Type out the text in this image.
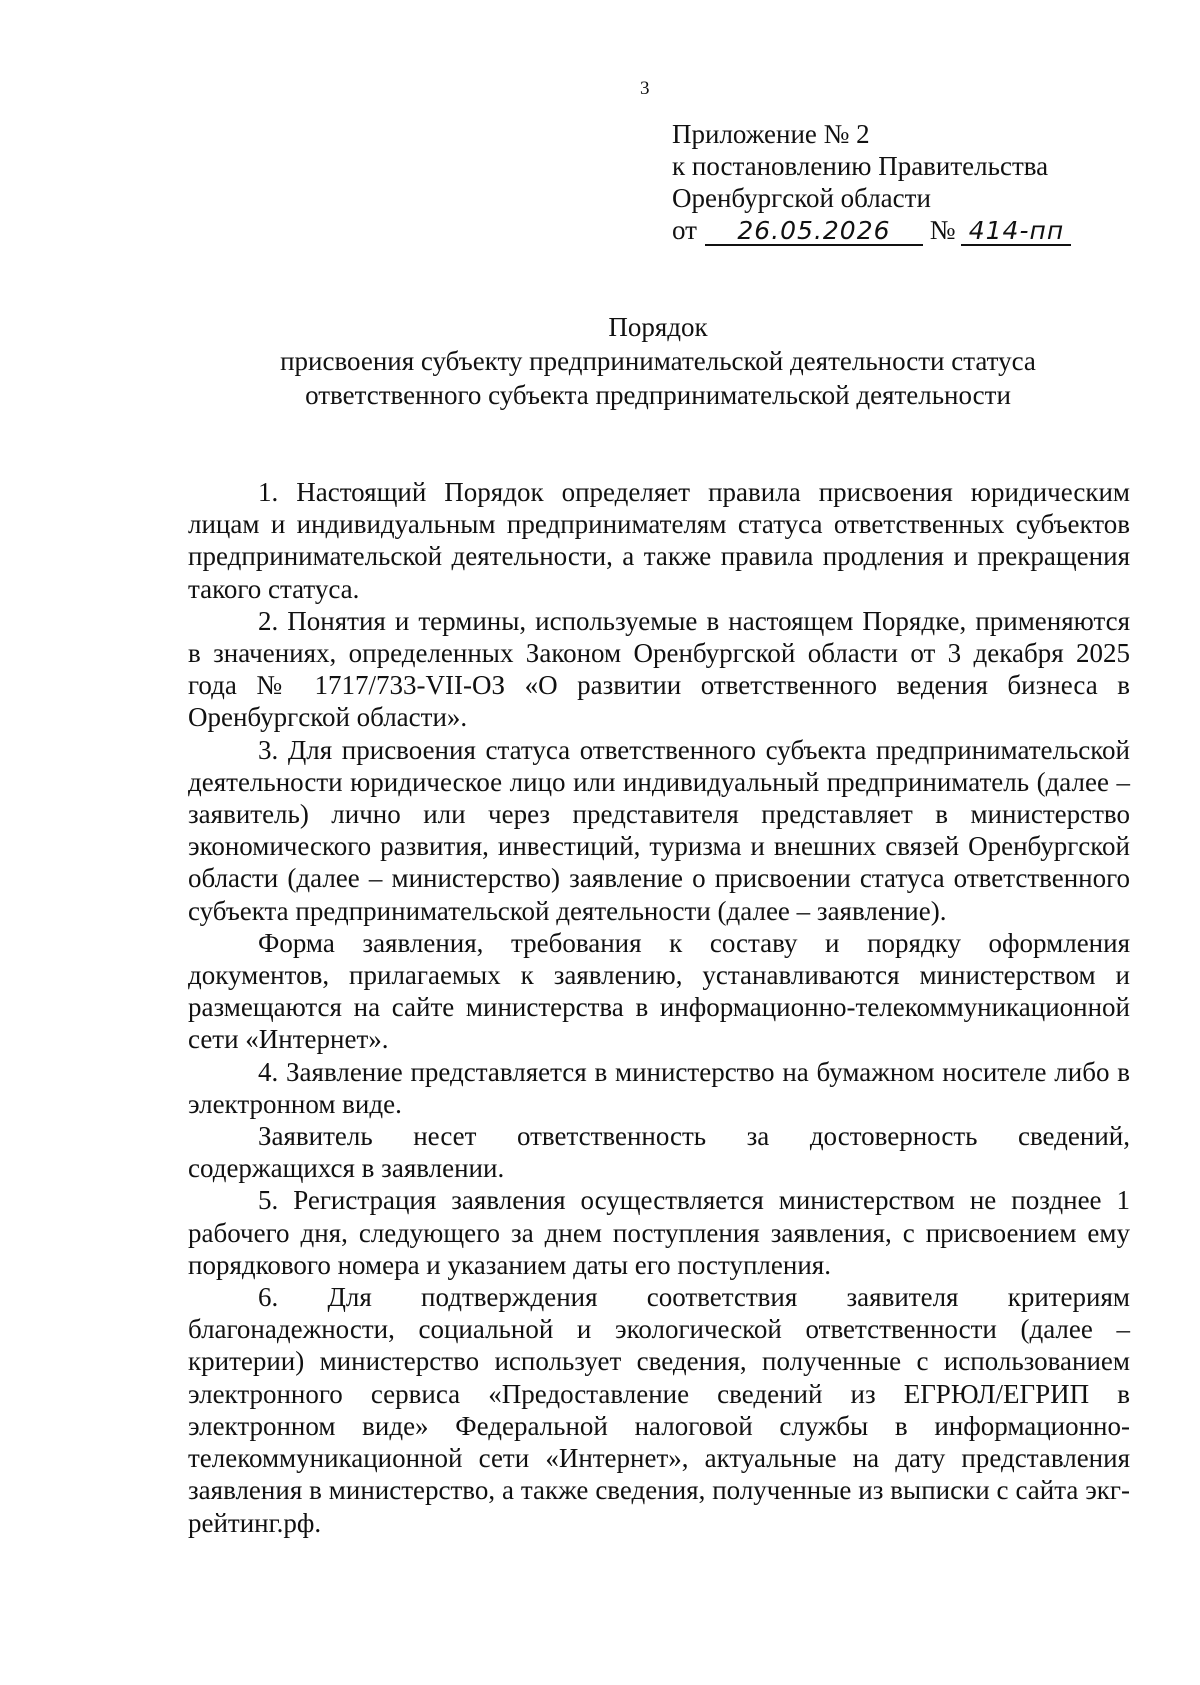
3
Приложение № 2
к постановлению Правительства
Оренбургской области
от 26.05.2026 № 414-пп
Порядок
присвоения субъекту предпринимательской деятельности статуса
ответственного субъекта предпринимательской деятельности

1. Настоящий Порядок определяет правила присвоения юридическим лицам и индивидуальным предпринимателям статуса ответственных субъектов предпринимательской деятельности, а также правила продления и прекращения такого статуса.

2. Понятия и термины, используемые в настоящем Порядке, применяются в значениях, определенных Законом Оренбургской области от 3 декабря 2025 года № 1717/733-VII-ОЗ «О развитии ответственного ведения бизнеса в Оренбургской области».

3. Для присвоения статуса ответственного субъекта предпринимательской деятельности юридическое лицо или индивидуальный предприниматель (далее – заявитель) лично или через представителя представляет в министерство экономического развития, инвестиций, туризма и внешних связей Оренбургской области (далее – министерство) заявление о присвоении статуса ответственного субъекта предпринимательской деятельности (далее – заявление).

Форма заявления, требования к составу и порядку оформления документов, прилагаемых к заявлению, устанавливаются министерством и размещаются на сайте министерства в информационно-телекоммуникационной сети «Интернет».

4. Заявление представляется в министерство на бумажном носителе либо в электронном виде.

Заявитель несет ответственность за достоверность сведений, содержащихся в заявлении.

5. Регистрация заявления осуществляется министерством не позднее 1 рабочего дня, следующего за днем поступления заявления, с присвоением ему порядкового номера и указанием даты его поступления.

6. Для подтверждения соответствия заявителя критериям благонадежности, социальной и экологической ответственности (далее – критерии) министерство использует сведения, полученные с использованием электронного сервиса «Предоставление сведений из ЕГРЮЛ/ЕГРИП в электронном виде» Федеральной налоговой службы в информационно-телекоммуникационной сети «Интернет», актуальные на дату представления заявления в министерство, а также сведения, полученные из выписки с сайта экг-рейтинг.рф.
